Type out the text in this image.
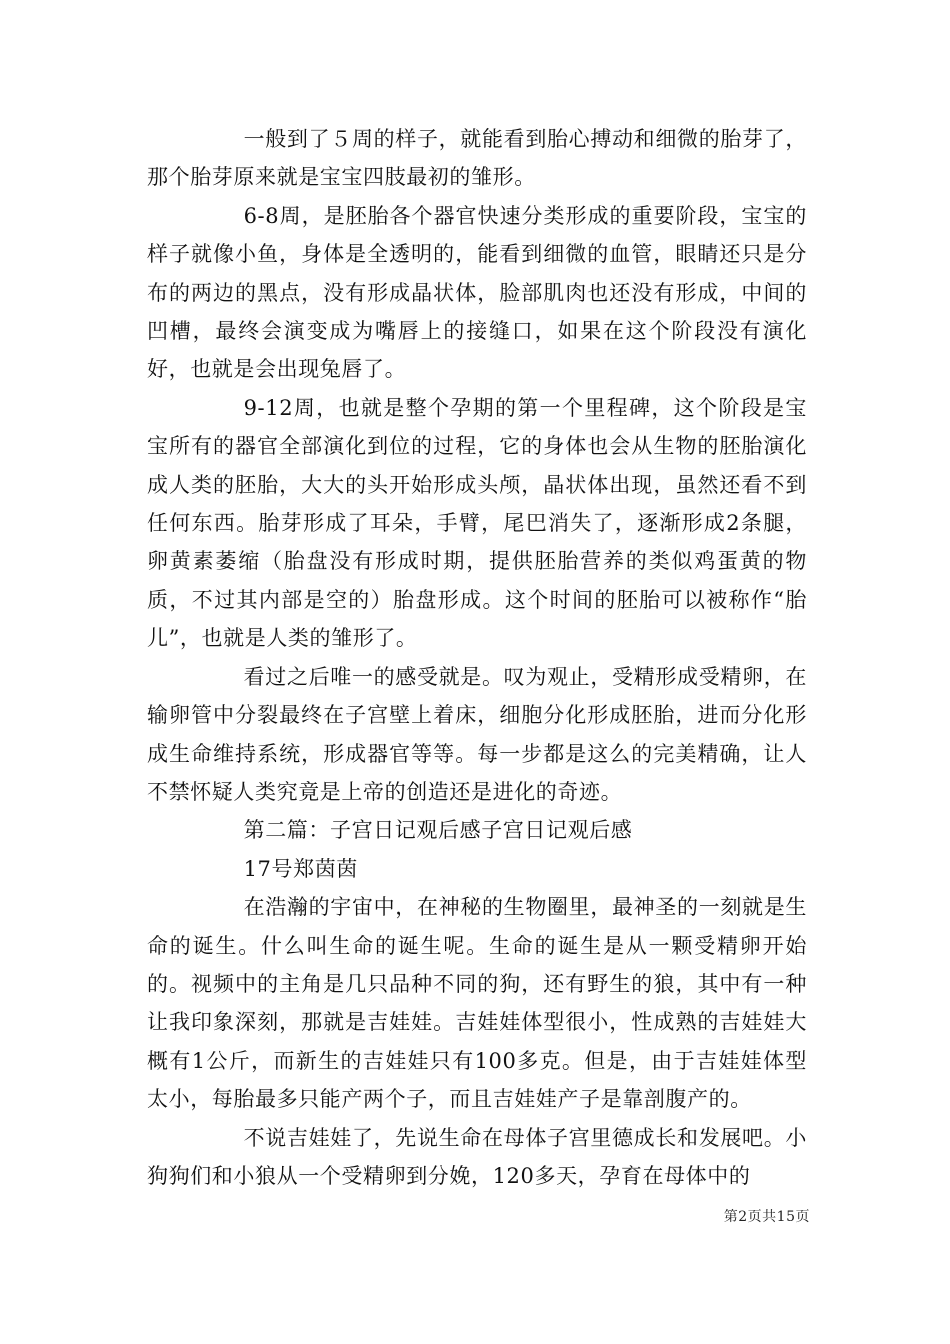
一般到了５周的样子，就能看到胎心搏动和细微的胎芽了，那个胎芽原来就是宝宝四肢最初的雏形。

6-8周，是胚胎各个器官快速分类形成的重要阶段，宝宝的样子就像小鱼，身体是全透明的，能看到细微的血管，眼睛还只是分布的两边的黑点，没有形成晶状体，脸部肌肉也还没有形成，中间的凹槽，最终会演变成为嘴唇上的接缝口，如果在这个阶段没有演化好，也就是会出现兔唇了。

9-12周，也就是整个孕期的第一个里程碑，这个阶段是宝宝所有的器官全部演化到位的过程，它的身体也会从生物的胚胎演化成人类的胚胎，大大的头开始形成头颅，晶状体出现，虽然还看不到任何东西。胎芽形成了耳朵，手臂，尾巴消失了，逐渐形成2条腿，卵黄素萎缩（胎盘没有形成时期，提供胚胎营养的类似鸡蛋黄的物质，不过其内部是空的）胎盘形成。这个时间的胚胎可以被称作“胎儿”，也就是人类的雏形了。

看过之后唯一的感受就是。叹为观止，受精形成受精卵，在输卵管中分裂最终在子宫壁上着床，细胞分化形成胚胎，进而分化形成生命维持系统，形成器官等等。每一步都是这么的完美精确，让人不禁怀疑人类究竟是上帝的创造还是进化的奇迹。

第二篇：子宫日记观后感子宫日记观后感

17号郑茵茵

在浩瀚的宇宙中，在神秘的生物圈里，最神圣的一刻就是生命的诞生。什么叫生命的诞生呢。生命的诞生是从一颗受精卵开始的。视频中的主角是几只品种不同的狗，还有野生的狼，其中有一种让我印象深刻，那就是吉娃娃。吉娃娃体型很小，性成熟的吉娃娃大概有1公斤，而新生的吉娃娃只有100多克。但是，由于吉娃娃体型太小，每胎最多只能产两个子，而且吉娃娃产子是靠剖腹产的。

不说吉娃娃了，先说生命在母体子宫里德成长和发展吧。小狗狗们和小狼从一个受精卵到分娩，120多天，孕育在母体中的

第2页共15页
